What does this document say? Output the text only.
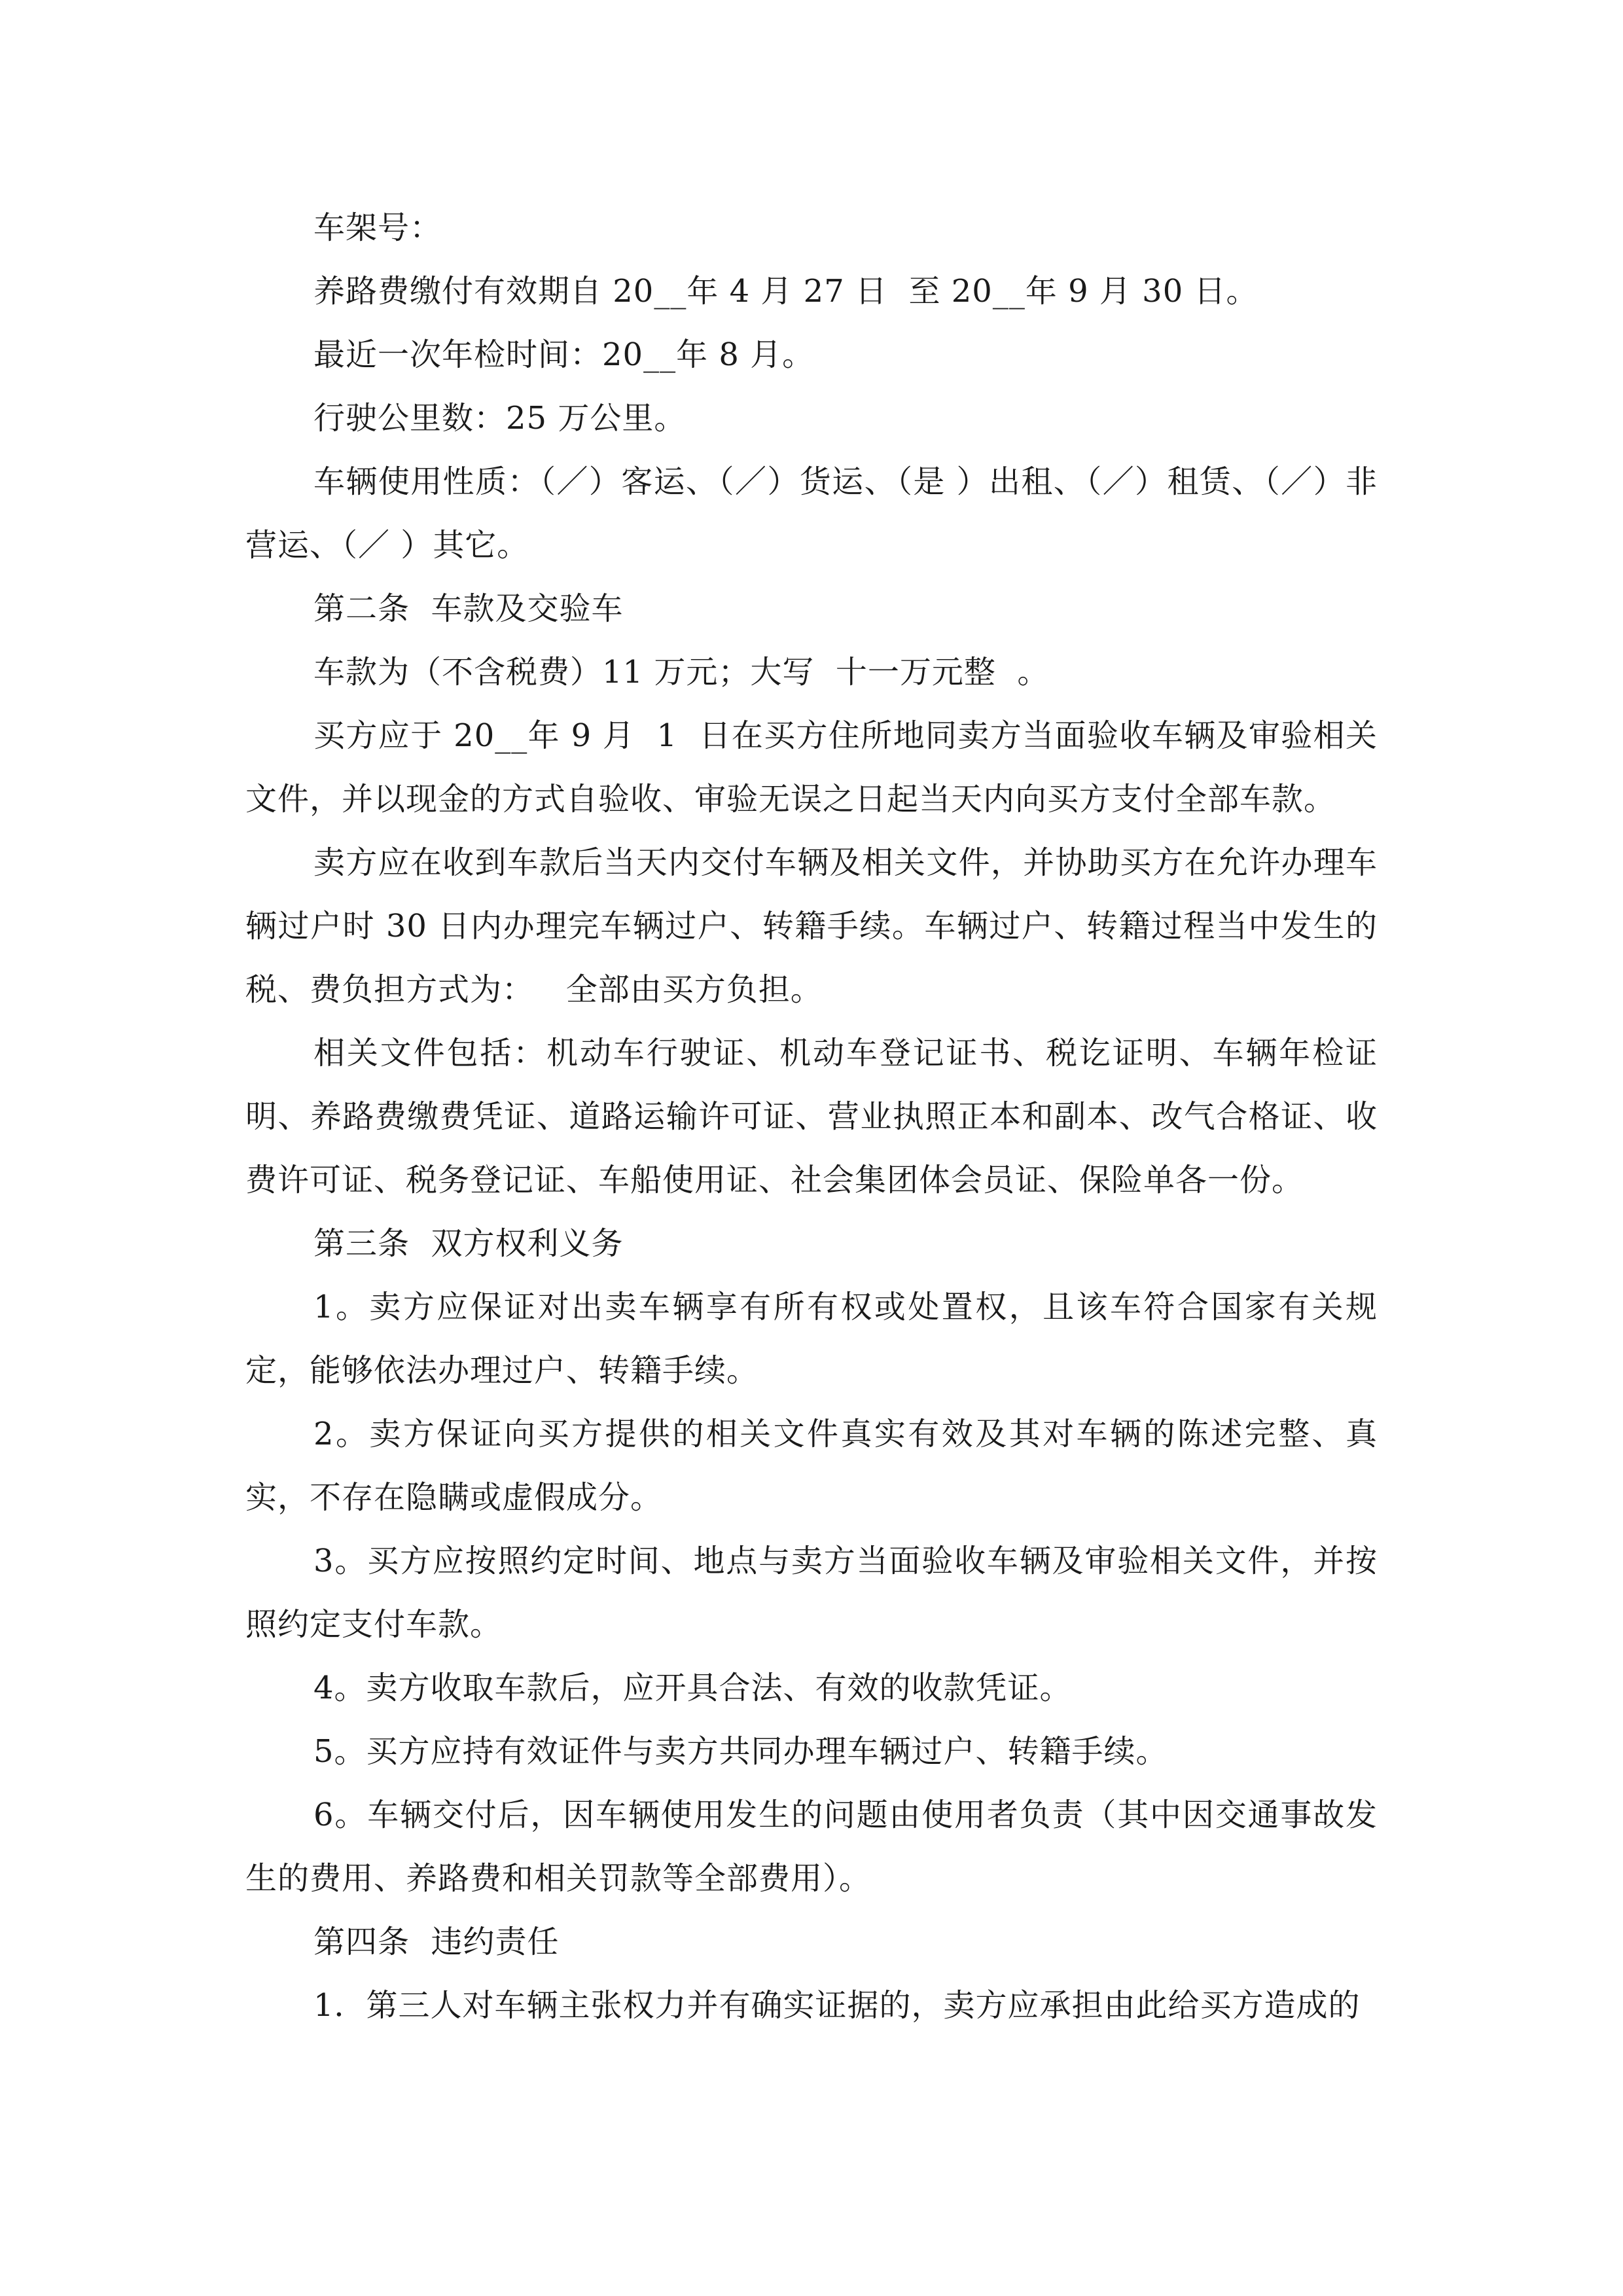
车架号：

养路费缴付有效期自 20__年 4 月 27 日  至 20__年 9 月 30 日。

最近一次年检时间：20__年 8 月。

行驶公里数：25 万公里。

车辆使用性质：（／）客运、（／）货运、（是 ）出租、（／）租赁、（／）非营运、（／ ）其它。

第二条  车款及交验车

车款为（不含税费）11 万元；大写  十一万元整  。

买方应于 20__年 9 月  1  日在买方住所地同卖方当面验收车辆及审验相关文件，并以现金的方式自验收、审验无误之日起当天内向买方支付全部车款。

卖方应在收到车款后当天内交付车辆及相关文件，并协助买方在允许办理车辆过户时 30 日内办理完车辆过户、转籍手续。车辆过户、转籍过程当中发生的税、费负担方式为：   全部由买方负担。

相关文件包括：机动车行驶证、机动车登记证书、税讫证明、车辆年检证明、养路费缴费凭证、道路运输许可证、营业执照正本和副本、改气合格证、收费许可证、税务登记证、车船使用证、社会集团体会员证、保险单各一份。

第三条  双方权利义务

1。卖方应保证对出卖车辆享有所有权或处置权，且该车符合国家有关规定，能够依法办理过户、转籍手续。

2。卖方保证向买方提供的相关文件真实有效及其对车辆的陈述完整、真实，不存在隐瞒或虚假成分。

3。买方应按照约定时间、地点与卖方当面验收车辆及审验相关文件，并按照约定支付车款。

4。卖方收取车款后，应开具合法、有效的收款凭证。

5。买方应持有效证件与卖方共同办理车辆过户、转籍手续。

6。车辆交付后，因车辆使用发生的问题由使用者负责（其中因交通事故发生的费用、养路费和相关罚款等全部费用）。

第四条  违约责任

1．第三人对车辆主张权力并有确实证据的，卖方应承担由此给买方造成的
